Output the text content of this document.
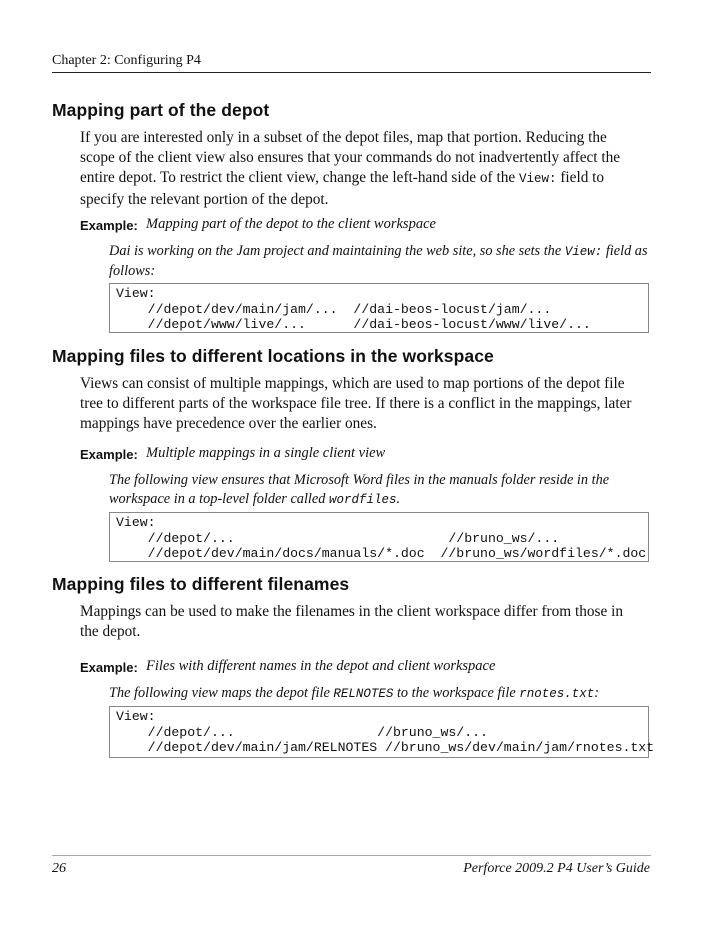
Chapter 2: Configuring P4
Mapping part of the depot
If you are interested only in a subset of the depot files, map that portion. Reducing the
scope of the client view also ensures that your commands do not inadvertently affect the
entire depot. To restrict the client view, change the left-hand side of the View: field to
specify the relevant portion of the depot.
Example: Mapping part of the depot to the client workspace
Dai is working on the Jam project and maintaining the web site, so she sets the View: field as
follows:
View:
//depot/dev/main/jam/...  //dai-beos-locust/jam/...
//depot/www/live/...      //dai-beos-locust/www/live/...
Mapping files to different locations in the workspace
Views can consist of multiple mappings, which are used to map portions of the depot file
tree to different parts of the workspace file tree. If there is a conflict in the mappings, later
mappings have precedence over the earlier ones.
Example: Multiple mappings in a single client view
The following view ensures that Microsoft Word files in the manuals folder reside in the
workspace in a top-level folder called wordfiles.
View:
//depot/...                           //bruno_ws/...
//depot/dev/main/docs/manuals/*.doc  //bruno_ws/wordfiles/*.doc
Mapping files to different filenames
Mappings can be used to make the filenames in the client workspace differ from those in
the depot.
Example: Files with different names in the depot and client workspace
The following view maps the depot file RELNOTES to the workspace file rnotes.txt:
View:
//depot/...                  //bruno_ws/...
//depot/dev/main/jam/RELNOTES //bruno_ws/dev/main/jam/rnotes.txt
26	Perforce 2009.2 P4 User’s Guide
